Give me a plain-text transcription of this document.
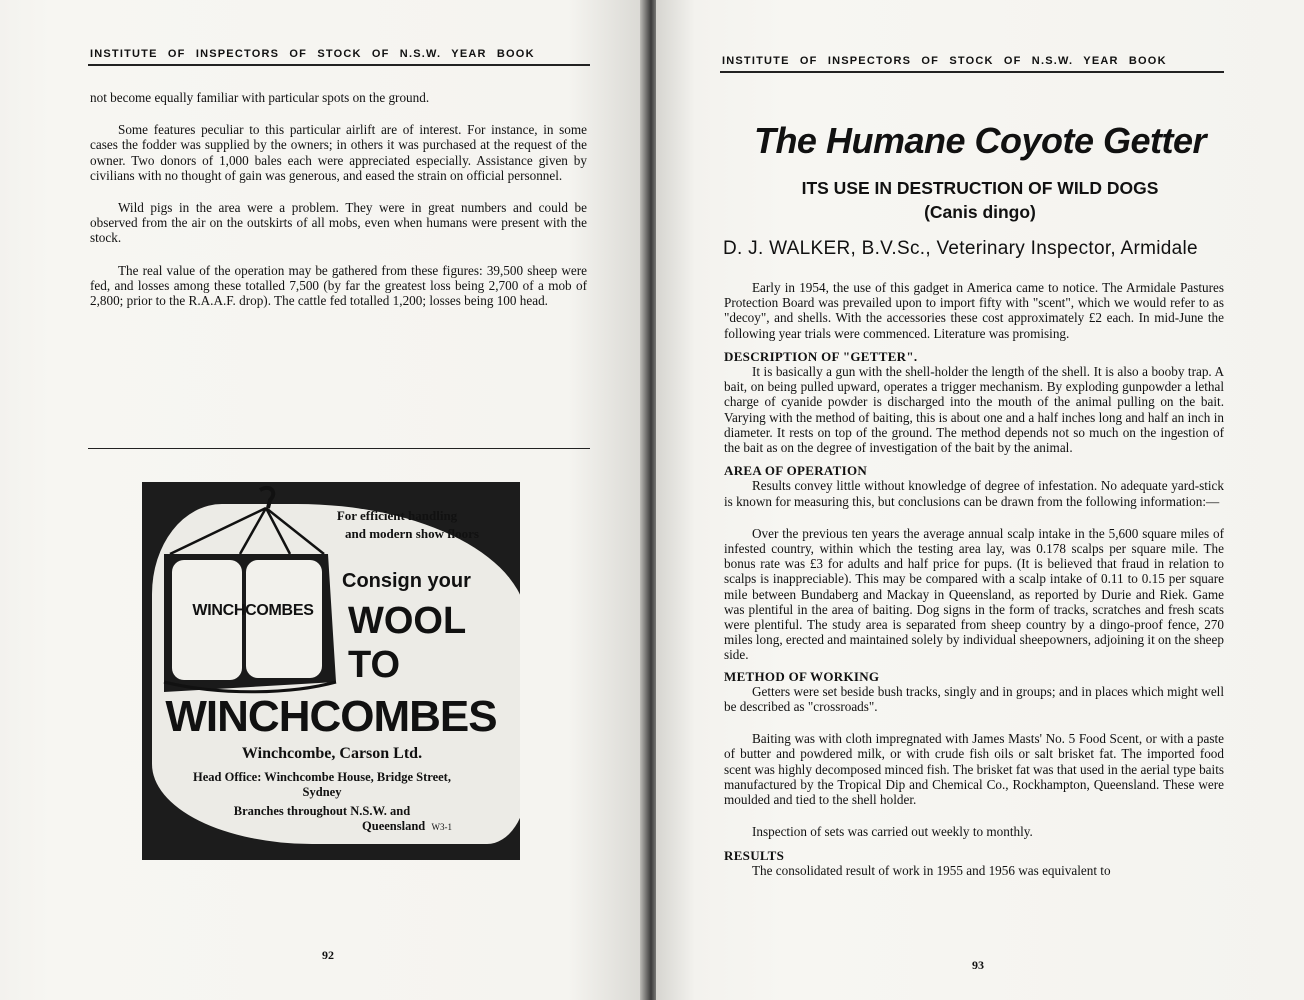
INSTITUTE OF INSPECTORS OF STOCK OF N.S.W. YEAR BOOK

not become equally familiar with particular spots on the ground.

Some features peculiar to this particular airlift are of interest. For instance, in some cases the fodder was supplied by the owners; in others it was purchased at the request of the owner. Two donors of 1,000 bales each were appreciated especially. Assistance given by civilians with no thought of gain was generous, and eased the strain on official personnel.

Wild pigs in the area were a problem. They were in great numbers and could be observed from the air on the outskirts of all mobs, even when humans were present with the stock.

The real value of the operation may be gathered from these figures: 39,500 sheep were fed, and losses among these totalled 7,500 (by far the greatest loss being 2,700 of a mob of 2,800; prior to the R.A.A.F. drop). The cattle fed totalled 1,200; losses being 100 head.

WINCHCOMBES
For efficient handling
and modern show floors
Consign your
WOOL
TO
WINCHCOMBES
Winchcombe, Carson Ltd.
Head Office: Winchcombe House, Bridge Street,
Sydney
Branches throughout N.S.W. and
Queensland W3-1
92
INSTITUTE OF INSPECTORS OF STOCK OF N.S.W. YEAR BOOK
The Humane Coyote Getter
ITS USE IN DESTRUCTION OF WILD DOGS
(Canis dingo)
D. J. WALKER, B.V.Sc., Veterinary Inspector, Armidale

Early in 1954, the use of this gadget in America came to notice. The Armidale Pastures Protection Board was prevailed upon to import fifty with "scent", which we would refer to as "decoy", and shells. With the accessories these cost approximately £2 each. In mid-June the following year trials were commenced. Literature was promising.

DESCRIPTION OF "GETTER".

It is basically a gun with the shell-holder the length of the shell. It is also a booby trap. A bait, on being pulled upward, operates a trigger mechanism. By exploding gunpowder a lethal charge of cyanide powder is discharged into the mouth of the animal pulling on the bait. Varying with the method of baiting, this is about one and a half inches long and half an inch in diameter. It rests on top of the ground. The method depends not so much on the ingestion of the bait as on the degree of investigation of the bait by the animal.

AREA OF OPERATION

Results convey little without knowledge of degree of infestation. No adequate yard-stick is known for measuring this, but conclusions can be drawn from the following information:—

Over the previous ten years the average annual scalp intake in the 5,600 square miles of infested country, within which the testing area lay, was 0.178 scalps per square mile. The bonus rate was £3 for adults and half price for pups. (It is believed that fraud in relation to scalps is inappreciable). This may be compared with a scalp intake of 0.11 to 0.15 per square mile between Bundaberg and Mackay in Queensland, as reported by Durie and Riek. Game was plentiful in the area of baiting. Dog signs in the form of tracks, scratches and fresh scats were plentiful. The study area is separated from sheep country by a dingo-proof fence, 270 miles long, erected and maintained solely by individual sheepowners, adjoining it on the sheep side.

METHOD OF WORKING

Getters were set beside bush tracks, singly and in groups; and in places which might well be described as "crossroads".

Baiting was with cloth impregnated with James Masts' No. 5 Food Scent, or with a paste of butter and powdered milk, or with crude fish oils or salt brisket fat. The imported food scent was highly decomposed minced fish. The brisket fat was that used in the aerial type baits manufactured by the Tropical Dip and Chemical Co., Rockhampton, Queensland. These were moulded and tied to the shell holder.

Inspection of sets was carried out weekly to monthly.

RESULTS

The consolidated result of work in 1955 and 1956 was equivalent to

93
